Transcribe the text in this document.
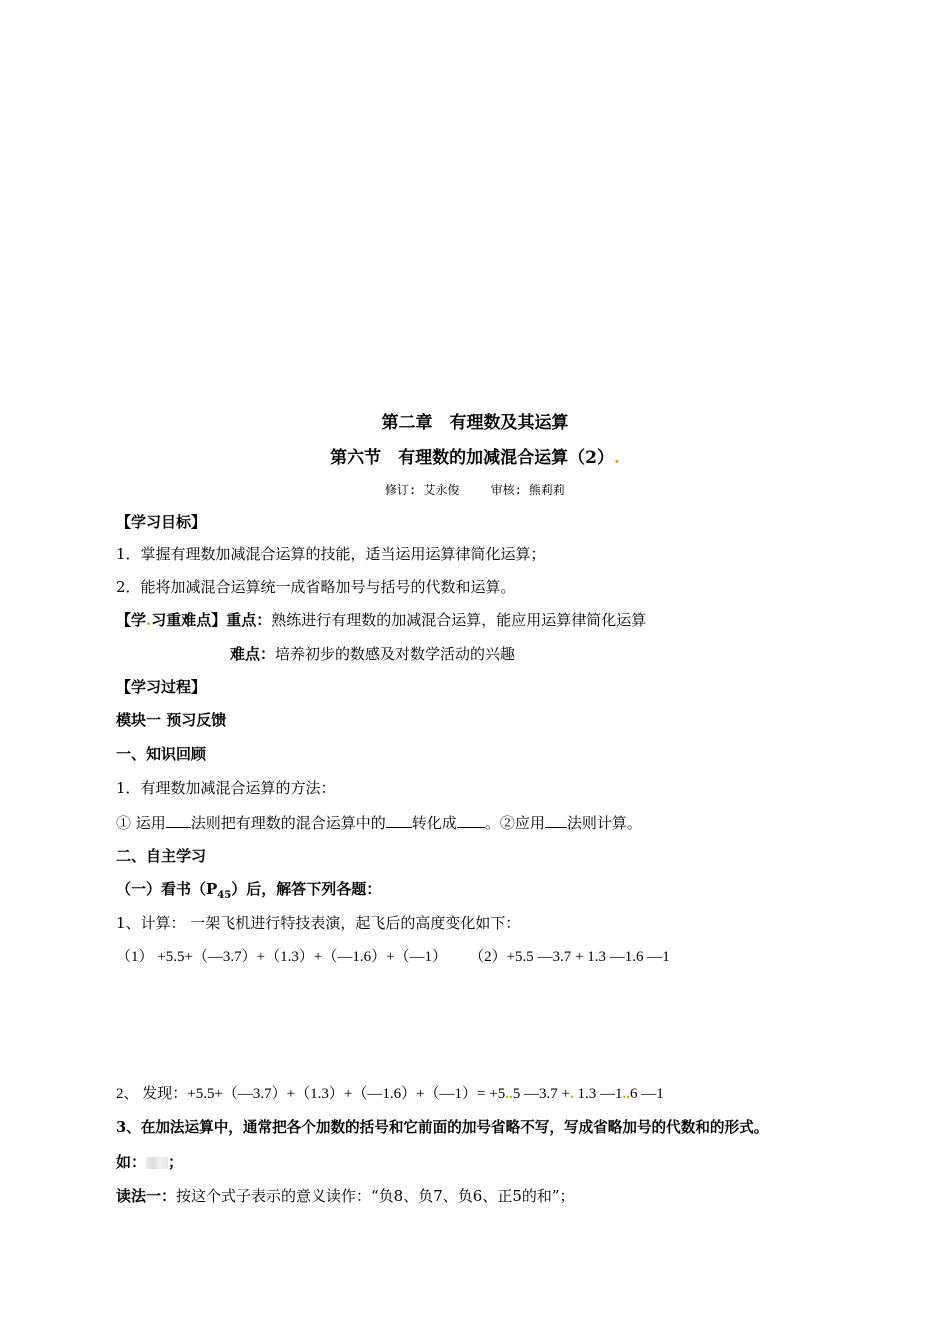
第二章　有理数及其运算
第六节　有理数的加减混合运算（2）.
修订: 艾永俊　　 审核: 熊莉莉
【学习目标】
1．掌握有理数加减混合运算的技能，适当运用运算律简化运算；
2．能将加减混合运算统一成省略加号与括号的代数和运算。
【学.习重难点】重点：熟练进行有理数的加减混合运算，能应用运算律简化运算
难点：培养初步的数感及对数学活动的兴趣
【学习过程】
模块一 预习反馈
一、知识回顾
1．有理数加减混合运算的方法：
① 运用 法则把有理数的混合运算中的 转化成 。②应用 法则计算。
二、自主学习
（一）看书$(P_{45})$后，解答下列各题：
1、计算： 一架飞机进行特技表演，起飞后的高度变化如下：
（1） +5.5+（—3.7）+（1.3）+（—1.6）+（—1） （2）+5.5 —3.7 + 1.3 —1.6 —1
2、 发现：+5.5+（—3.7）+（1.3）+（—1.6）+（—1）= +5..5 —3.7 +. 1.3 —1..6 —1
3、在加法运算中，通常把各个加数的括号和它前面的加号省略不写，写成省略加号的代数和的形式。
如： ；
读法一：按这个式子表示的意义读作：“负8、负7、负6、正5的和”；
